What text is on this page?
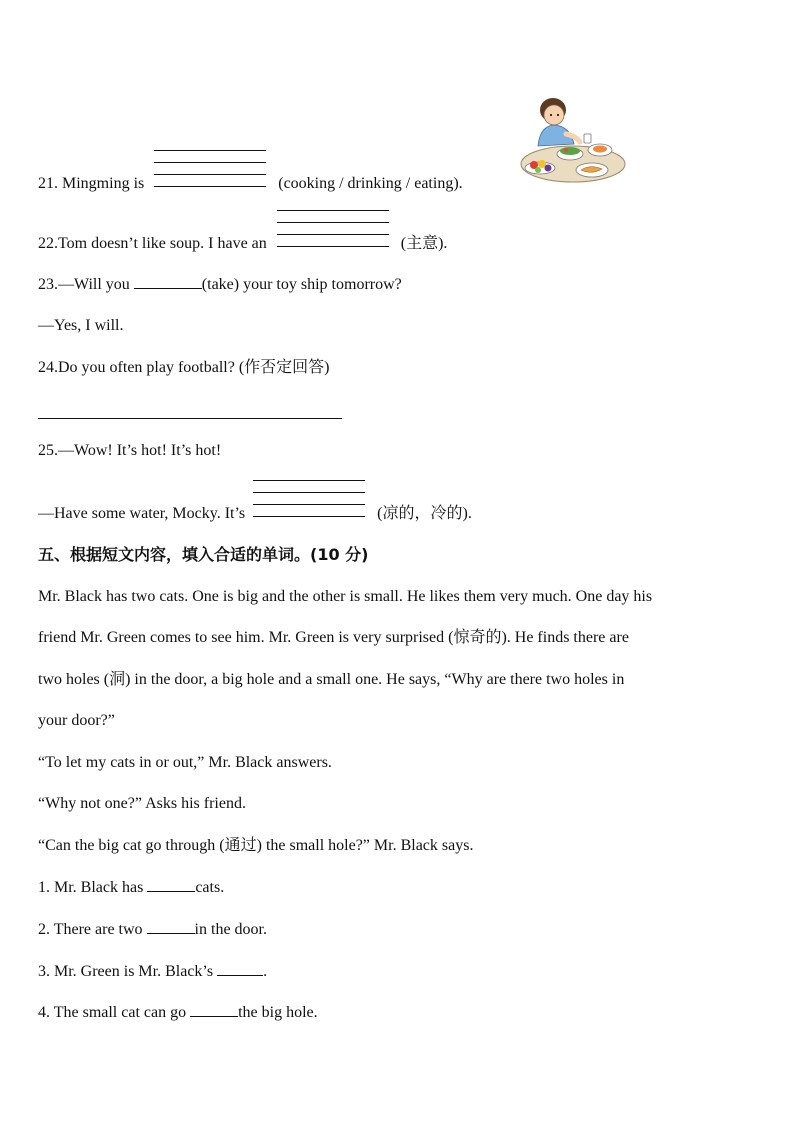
21. Mingming is	(cooking / drinking / eating).
22.Tom doesn’t like soup. I have an	(主意).
23.—Will you	(take) your toy ship tomorrow?
—Yes, I will.
24.Do you often play football? (作否定回答)
25.—Wow! It’s hot! It’s hot!
—Have some water, Mocky. It’s	(凉的，冷的).
五、根据短文内容，填入合适的单词。(10 分)
Mr. Black has two cats. One is big and the other is small. He likes them very much. One day his
friend Mr. Green comes to see him. Mr. Green is very surprised (惊奇的). He finds there are
two holes (洞) in the door, a big hole and a small one. He says, “Why are there two holes in
your door?”
“To let my cats in or out,” Mr. Black answers.
“Why not one?” Asks his friend.
“Can the big cat go through (通过) the small hole?” Mr. Black says.
1. Mr. Black has	cats.
2. There are two	in the door.
3. Mr. Green is Mr. Black’s	.
4. The small cat can go	the big hole.
